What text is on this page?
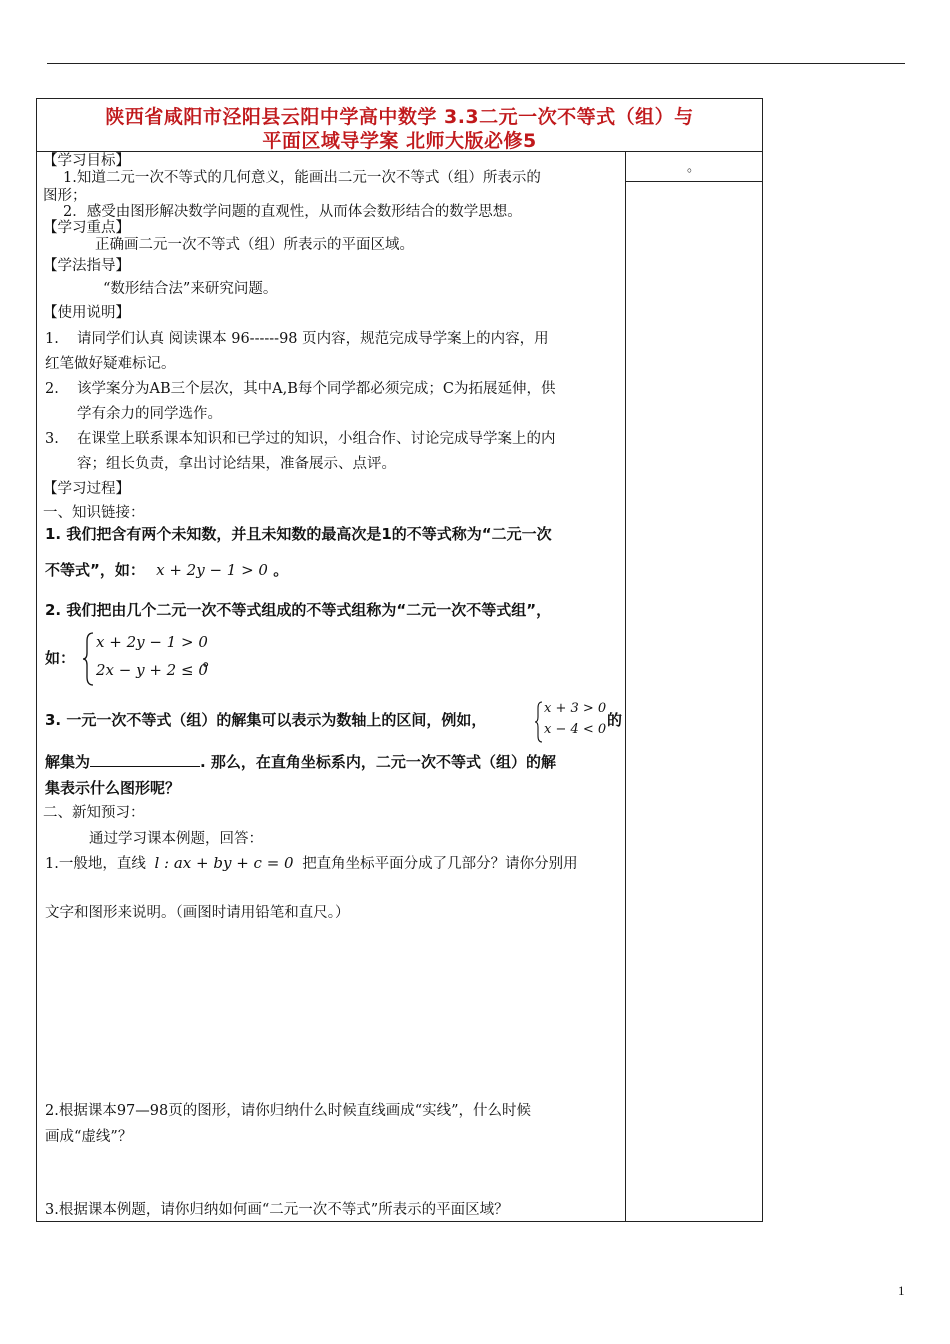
陕西省咸阳市泾阳县云阳中学高中数学 3.3二元一次不等式（组）与
平面区域导学案 北师大版必修5
。
【学习目标】
1.知道二元一次不等式的几何意义，能画出二元一次不等式（组）所表示的
图形；
2．感受由图形解决数学问题的直观性，从而体会数形结合的数学思想。
【学习重点】
正确画二元一次不等式（组）所表示的平面区域。
【学法指导】
“数形结合法”来研究问题。
【使用说明】
1. 请同学们认真 阅读课本 96------98 页内容，规范完成导学案上的内容，用
红笔做好疑难标记。
2. 该学案分为AB三个层次，其中A,B每个同学都必须完成；C为拓展延伸，供
学有余力的同学选作。
3. 在课堂上联系课本知识和已学过的知识，小组合作、讨论完成导学案上的内
容；组长负责，拿出讨论结果，准备展示、点评。
【学习过程】
一、知识链接：
1. 我们把含有两个未知数，并且未知数的最高次是1的不等式称为“二元一次
不等式”，如： x + 2y − 1 > 0 。
2. 我们把由几个二元一次不等式组成的不等式组称为“二元一次不等式组”，
如：
x + 2y − 1 > 0
2x − y + 2 ≤ 0
。
3. 一元一次不等式（组）的解集可以表示为数轴上的区间，例如，
x + 3 > 0
x − 4 < 0
的
解集为	. 那么，在直角坐标系内，二元一次不等式（组）的解
集表示什么图形呢？
二、新知预习：
通过学习课本例题，回答：
1.一般地，直线 l : ax + by + c = 0 把直角坐标平面分成了几部分？请你分别用
文字和图形来说明。（画图时请用铅笔和直尺。）
2.根据课本97—98页的图形，请你归纳什么时候直线画成“实线”，什么时候
画成“虚线”？
3.根据课本例题，请你归纳如何画“二元一次不等式”所表示的平面区域？
1
